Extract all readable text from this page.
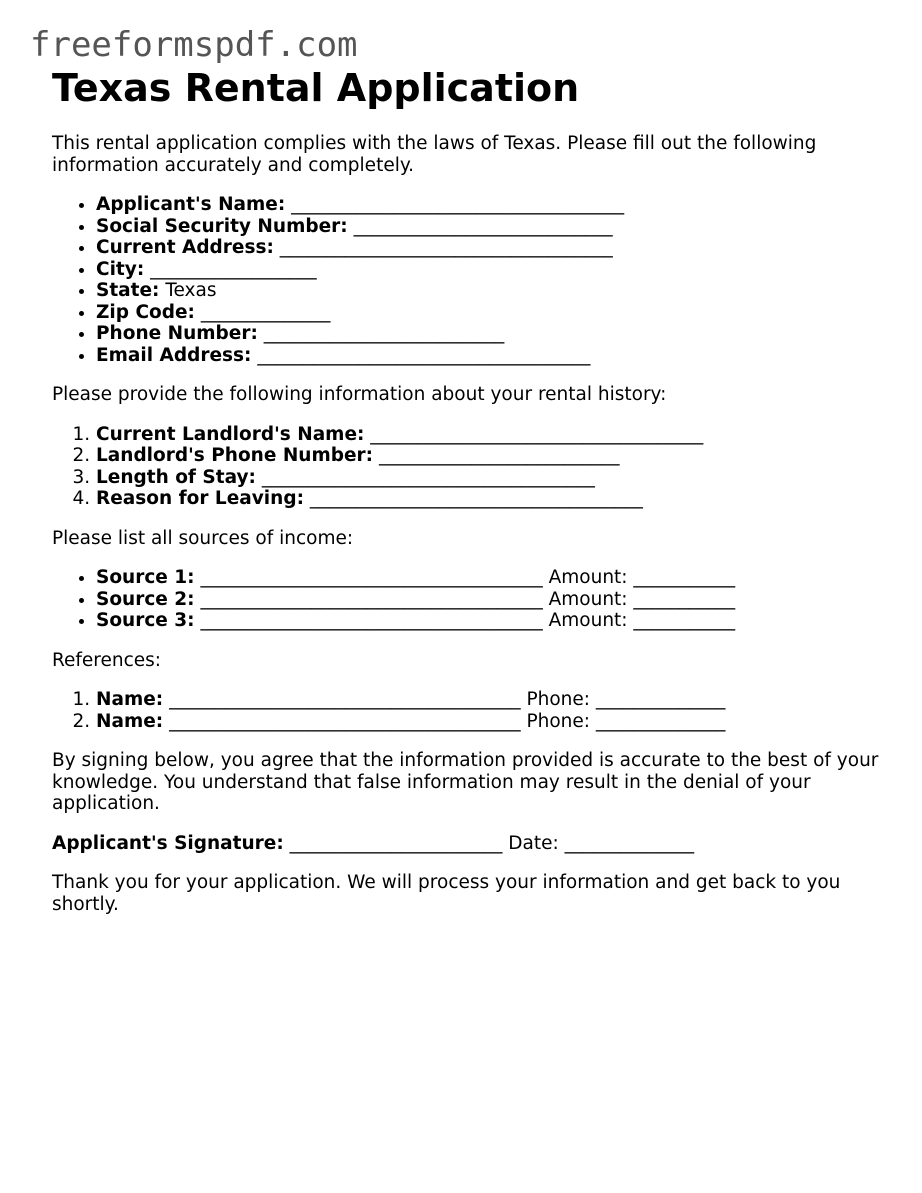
freeformspdf.com
Texas Rental Application

This rental application complies with the laws of Texas. Please fill out the following information accurately and completely.

• Applicant's Name: ____________________________________
• Social Security Number: ____________________________
• Current Address: ____________________________________
• City: __________________
• State: Texas
• Zip Code: ______________
• Phone Number: __________________________
• Email Address: ____________________________________

Please provide the following information about your rental history:

1. Current Landlord's Name: ____________________________________
2. Landlord's Phone Number: __________________________
3. Length of Stay: ____________________________________
4. Reason for Leaving: ____________________________________

Please list all sources of income:

• Source 1: _____________________________________ Amount: ___________
• Source 2: _____________________________________ Amount: ___________
• Source 3: _____________________________________ Amount: ___________

References:

1. Name: ______________________________________ Phone: ______________
2. Name: ______________________________________ Phone: ______________

By signing below, you agree that the information provided is accurate to the best of your knowledge. You understand that false information may result in the denial of your application.

Applicant's Signature: _______________________ Date: ______________

Thank you for your application. We will process your information and get back to you shortly.
